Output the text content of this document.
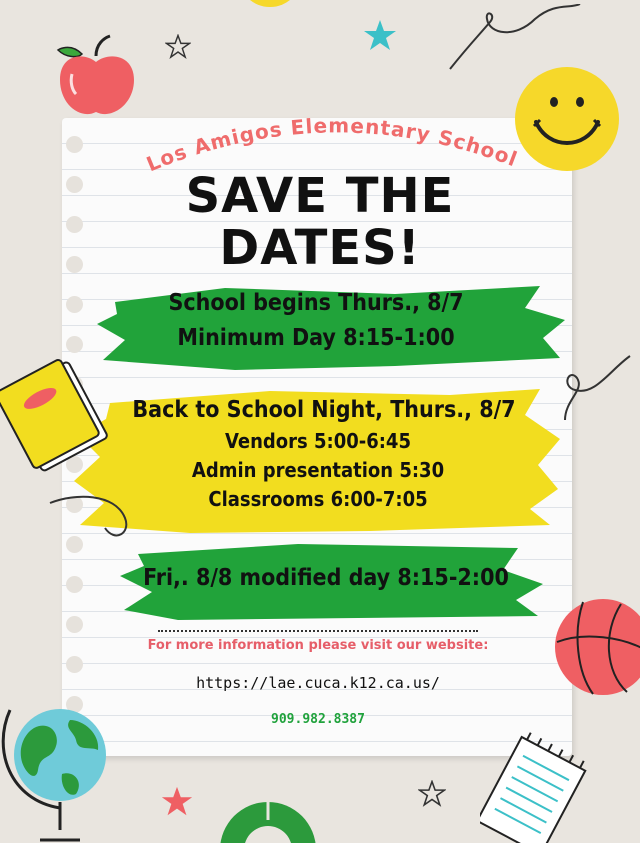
Los Amigos Elementary School
SAVE THE
DATES!
School begins Thurs., 8/7
Minimum Day 8:15-1:00
Back to School Night, Thurs., 8/7
Vendors 5:00-6:45
Admin presentation 5:30
Classrooms 6:00-7:05
Fri,. 8/8 modified day 8:15-2:00
For more information please visit our website:
https://lae.cuca.k12.ca.us/
909.982.8387
